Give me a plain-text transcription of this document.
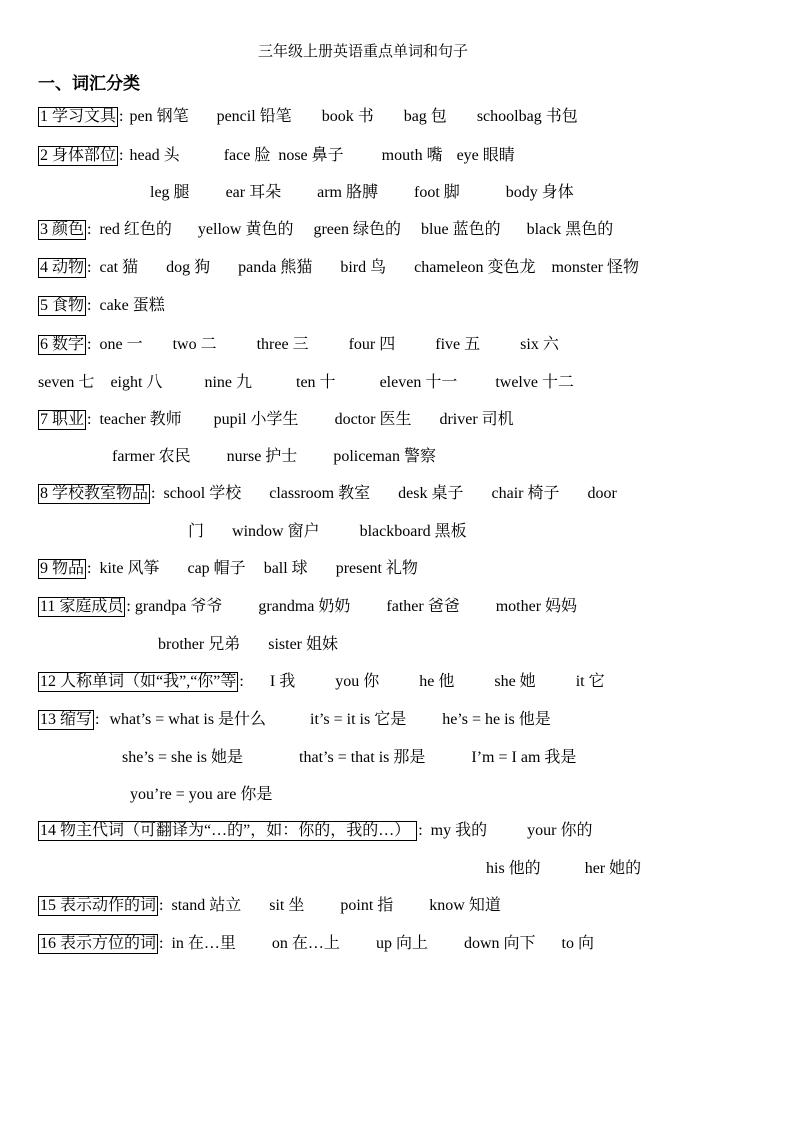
三年级上册英语重点单词和句子
一、词汇分类
1 学习文具 : pen 钢笔 pencil 铅笔 book 书 bag 包 schoolbag 书包
2 身体部位 : head 头	face 脸 nose 鼻子 mouth 嘴 eye 眼睛
leg 腿 ear 耳朵 arm 胳膊 foot 脚	body 身体
3 颜色 : red 红色的 yellow 黄色的 green 绿色的 blue 蓝色的 black 黑色的
4 动物 : cat 猫 dog 狗 panda 熊猫 bird 鸟 chameleon 变色龙 monster 怪物
5 食物 : cake 蛋糕
6 数字 : one 一 two 二	three 三	four 四	five 五	six 六
seven 七 eight 八	nine 九	ten 十	eleven 十一 twelve 十二
7 职业 : teacher 教师 pupil 小学生 doctor 医生 driver 司机
farmer 农民 nurse 护士 policeman 警察
8 学校教室物品 : school 学校 classroom 教室 desk 桌子 chair 椅子 door
门 window 窗户	blackboard 黑板
9 物品 : kite 风筝 cap 帽子 ball 球 present 礼物
11 家庭成员 : grandpa 爷爷 grandma 奶奶 father 爸爸 mother 妈妈
brother 兄弟 sister 姐妹
12 人称单词（如“我”,“你”等 : I 我	you 你	he 他	she 她	it 它
13 缩写 : what’s = what is 是什么	it’s = it is 它是 he’s = he is 他是
she’s = she is 她是	that’s = that is 那是	I’m = I am 我是
you’re = you are 你是
14 物主代词（可翻译为“…的”，如：你的，我的…） : my 我的	your 你的
his 他的	her 她的
15 表示动作的词 : stand 站立 sit 坐 point 指 know 知道
16 表示方位的词 : in 在…里 on 在…上 up 向上 down 向下 to 向
